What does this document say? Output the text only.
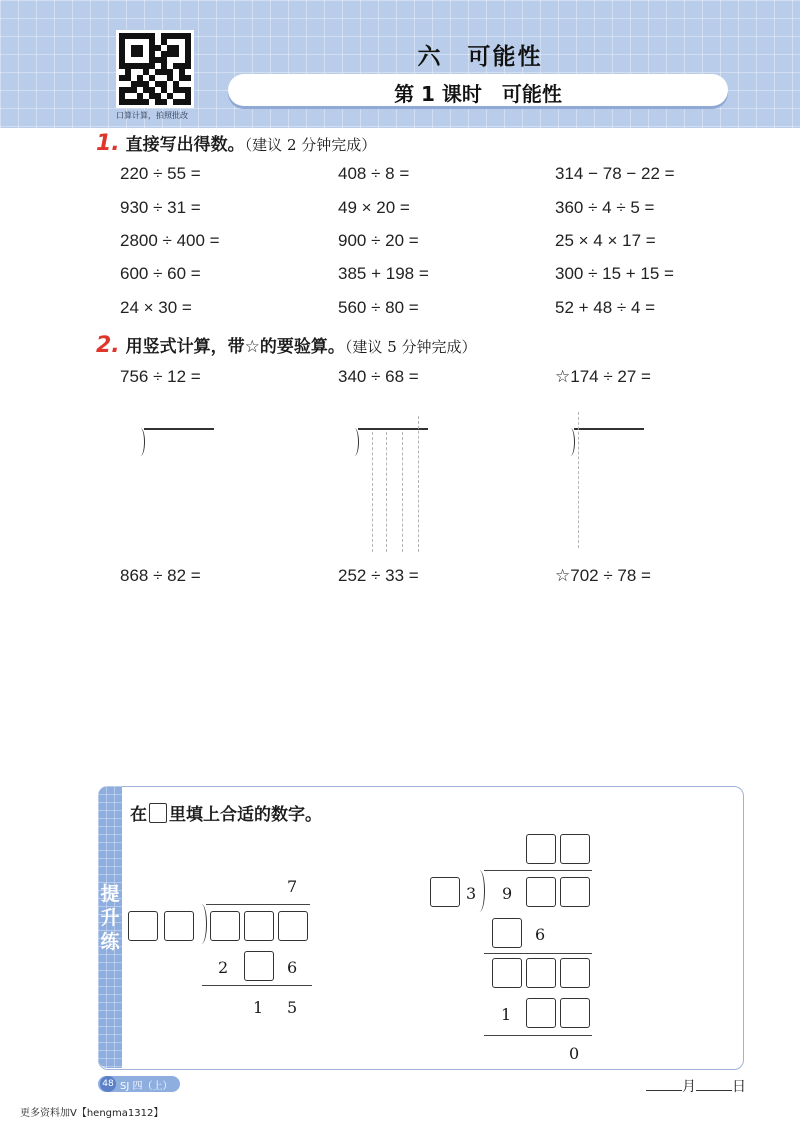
口算计算，拍照批改
六　可能性
第 1 课时　可能性
1. 直接写出得数。（建议 2 分钟完成）
220 ÷ 55 =	408 ÷ 8 =	314 − 78 − 22 =
930 ÷ 31 =	49 × 20 =	360 ÷ 4 ÷ 5 =
2800 ÷ 400 =	900 ÷ 20 =	25 × 4 × 17 =
600 ÷ 60 =	385 + 198 =	300 ÷ 15 + 15 =
24 × 30 =	560 ÷ 80 =	52 + 48 ÷ 4 =
2. 用竖式计算，带☆的要验算。（建议 5 分钟完成）
756 ÷ 12 =	340 ÷ 68 =	☆174 ÷ 27 =
868 ÷ 82 =	252 ÷ 33 =	☆702 ÷ 78 =
提
升
练
在 里填上合适的数字。
7
2	6
1 5
3 9
6
1
0
48 SJ 四（上）	月	日
更多资料加V【hengma1312】
